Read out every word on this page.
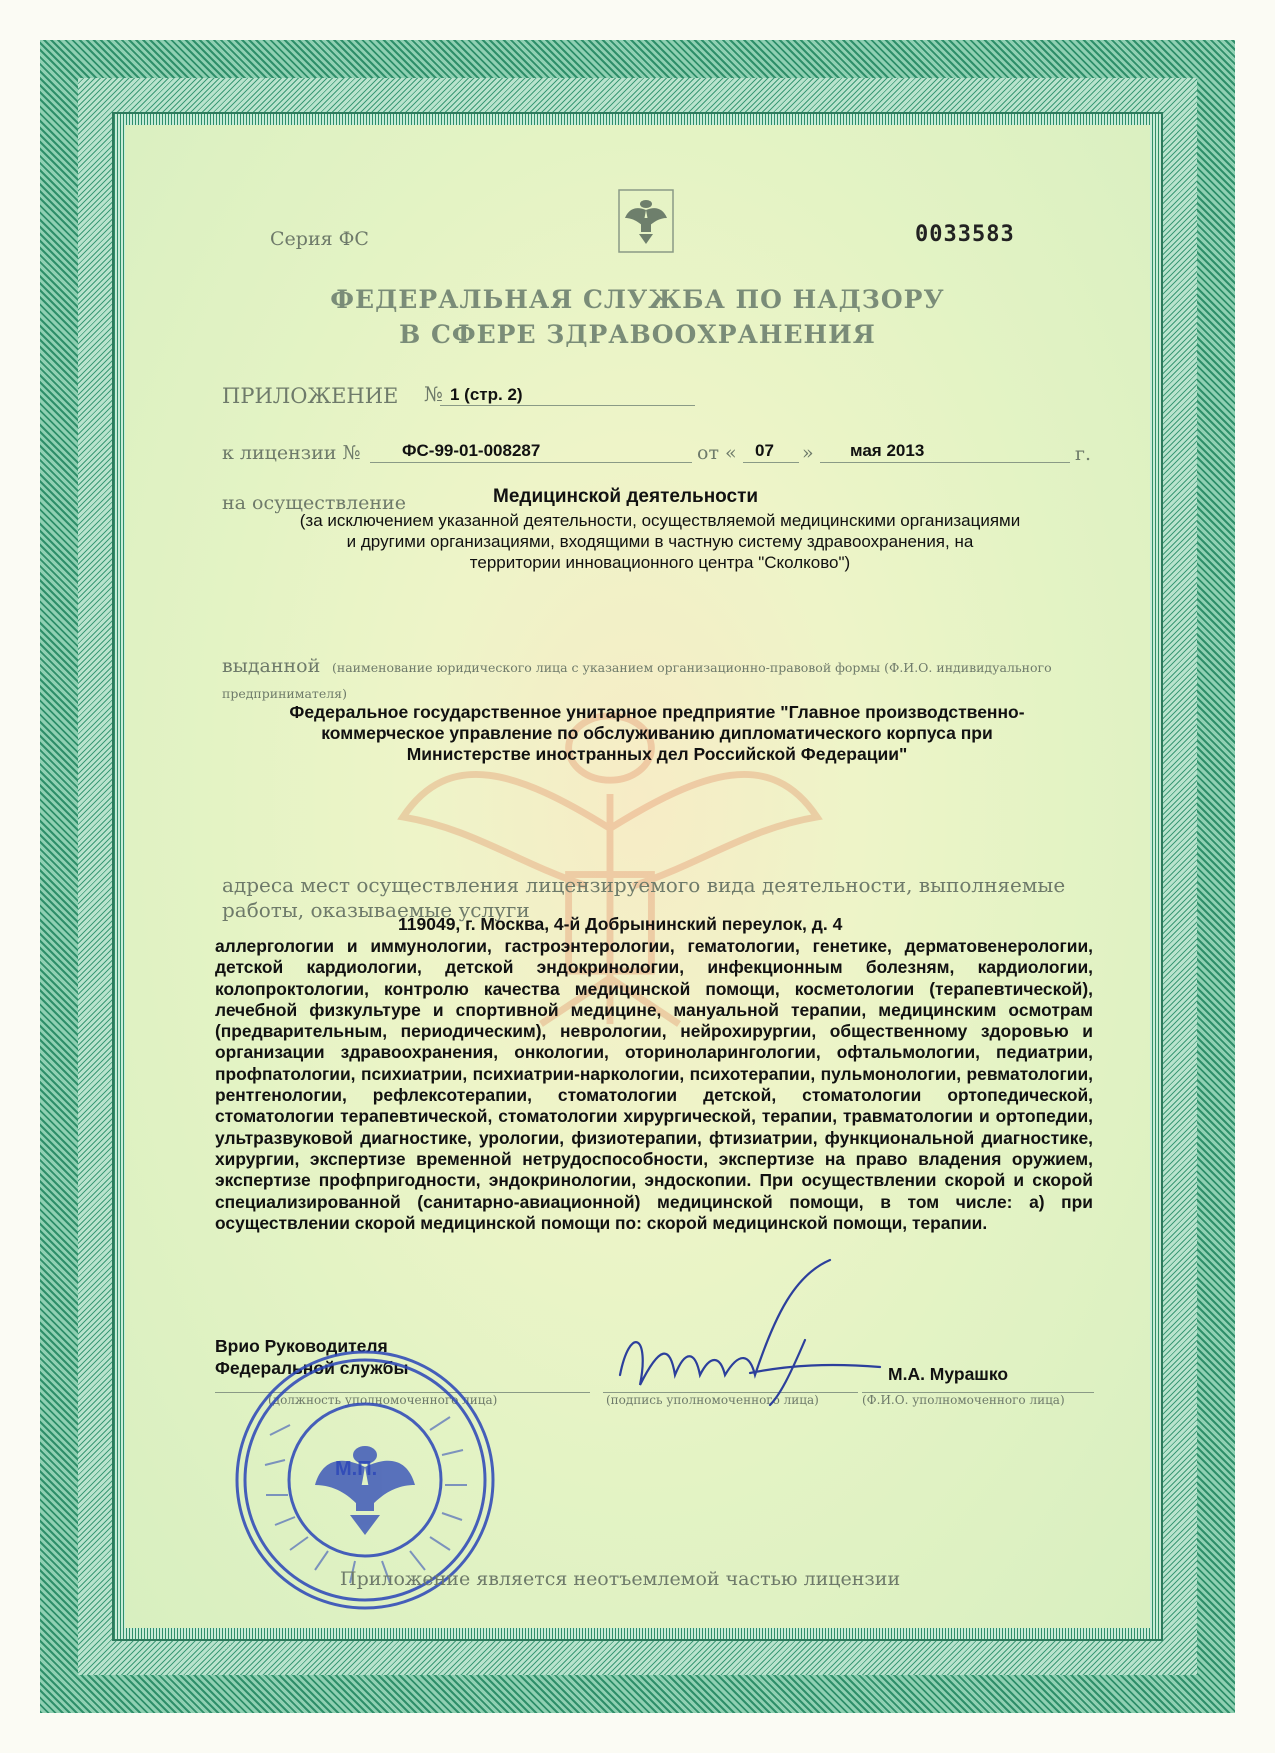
Серия ФС	0033583
ФЕДЕРАЛЬНАЯ СЛУЖБА ПО НАДЗОРУ
В СФЕРЕ ЗДРАВООХРАНЕНИЯ
ПРИЛОЖЕНИЕ № 1 (стр. 2)
к лицензии № ФС-99-01-008287	от « 07 » мая 2013	г.
на осуществление	Медицинской деятельности
(за исключением указанной деятельности, осуществляемой медицинскими организациями
и другими организациями, входящими в частную систему здравоохранения, на
территории инновационного центра "Сколково")
выданной (наименование юридического лица с указанием организационно-правовой формы (Ф.И.О. индивидуального
предпринимателя)
Федеральное государственное унитарное предприятие "Главное производственно-
коммерческое управление по обслуживанию дипломатического корпуса при
Министерстве иностранных дел Российской Федерации"
адреса мест осуществления лицензируемого вида деятельности, выполняемые
работы, оказываемые услуги
119049, г. Москва, 4-й Добрынинский переулок, д. 4
аллергологии и иммунологии, гастроэнтерологии, гематологии, генетике, дерматовенерологии, детской кардиологии, детской эндокринологии, инфекционным болезням, кардиологии, колопроктологии, контролю качества медицинской помощи, косметологии (терапевтической), лечебной физкультуре и спортивной медицине, мануальной терапии, медицинским осмотрам (предварительным, периодическим), неврологии, нейрохирургии, общественному здоровью и организации здравоохранения, онкологии, оториноларингологии, офтальмологии, педиатрии, профпатологии, психиатрии, психиатрии-наркологии, психотерапии, пульмонологии, ревматологии, рентгенологии, рефлексотерапии, стоматологии детской, стоматологии ортопедической, стоматологии терапевтической, стоматологии хирургической, терапии, травматологии и ортопедии, ультразвуковой диагностике, урологии, физиотерапии, фтизиатрии, функциональной диагностике, хирургии, экспертизе временной нетрудоспособности, экспертизе на право владения оружием, экспертизе профпригодности, эндокринологии, эндоскопии. При осуществлении скорой и скорой специализированной (санитарно-авиационной) медицинской помощи, в том числе: а) при осуществлении скорой медицинской помощи по: скорой медицинской помощи, терапии.
Врио Руководителя
Федеральной службы	М.А. Мурашко
(должность уполномоченного лица)	(подпись уполномоченного лица)	(Ф.И.О. уполномоченного лица)
М.П.
Приложение является неотъемлемой частью лицензии
